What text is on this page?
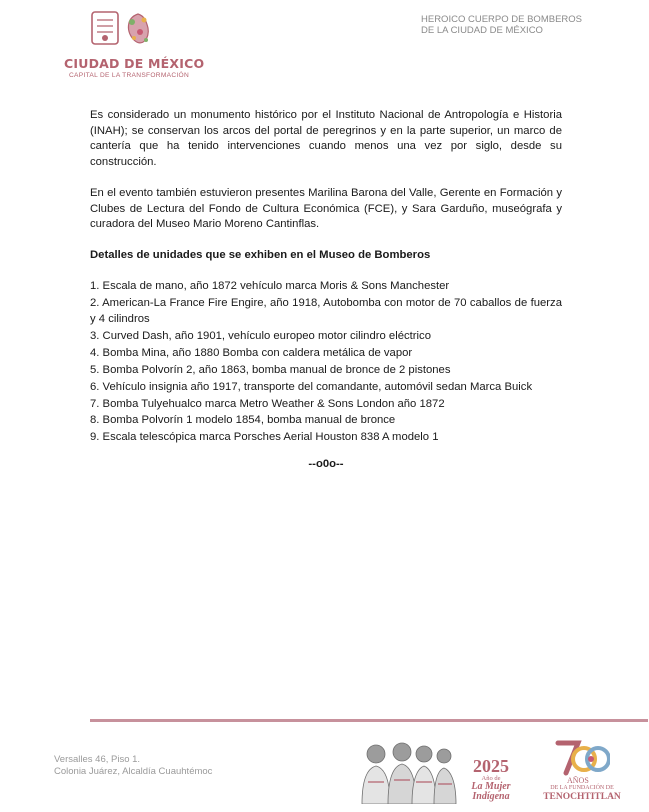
CIUDAD DE MÉXICO
CAPITAL DE LA TRANSFORMACIÓN
HEROICO CUERPO DE BOMBEROS
DE LA CIUDAD DE MÉXICO

Es considerado un monumento histórico por el Instituto Nacional de Antropología e Historia (INAH); se conservan los arcos del portal de peregrinos y en la parte superior, un marco de cantería que ha tenido intervenciones cuando menos una vez por siglo, desde su construcción.

En el evento también estuvieron presentes Marilina Barona del Valle, Gerente en Formación y Clubes de Lectura del Fondo de Cultura Económica (FCE), y Sara Garduño, museógrafa y curadora del Museo Mario Moreno Cantinflas.

Detalles de unidades que se exhiben en el Museo de Bomberos
1. Escala de mano, año 1872 vehículo marca Moris & Sons Manchester
2. American-La France Fire Engire, año 1918, Autobomba con motor de 70 caballos de fuerza y 4 cilindros
3. Curved Dash, año 1901, vehículo europeo motor cilindro eléctrico
4. Bomba Mina, año 1880 Bomba con caldera metálica de vapor
5. Bomba Polvorín 2, año 1863, bomba manual de bronce de 2 pistones
6. Vehículo insignia año 1917, transporte del comandante, automóvil sedan Marca Buick
7. Bomba Tulyehualco marca Metro Weather & Sons London año 1872
8. Bomba Polvorín 1 modelo 1854, bomba manual de bronce
9. Escala telescópica marca Porsches Aerial Houston 838 A modelo 1
--o0o--
Versalles 46, Piso 1.
Colonia Juárez, Alcaldía Cuauhtémoc	2025
Año de
La Mujer
Indígena
AÑOS
DE LA FUNDACIÓN DE
TENOCHTITLAN
